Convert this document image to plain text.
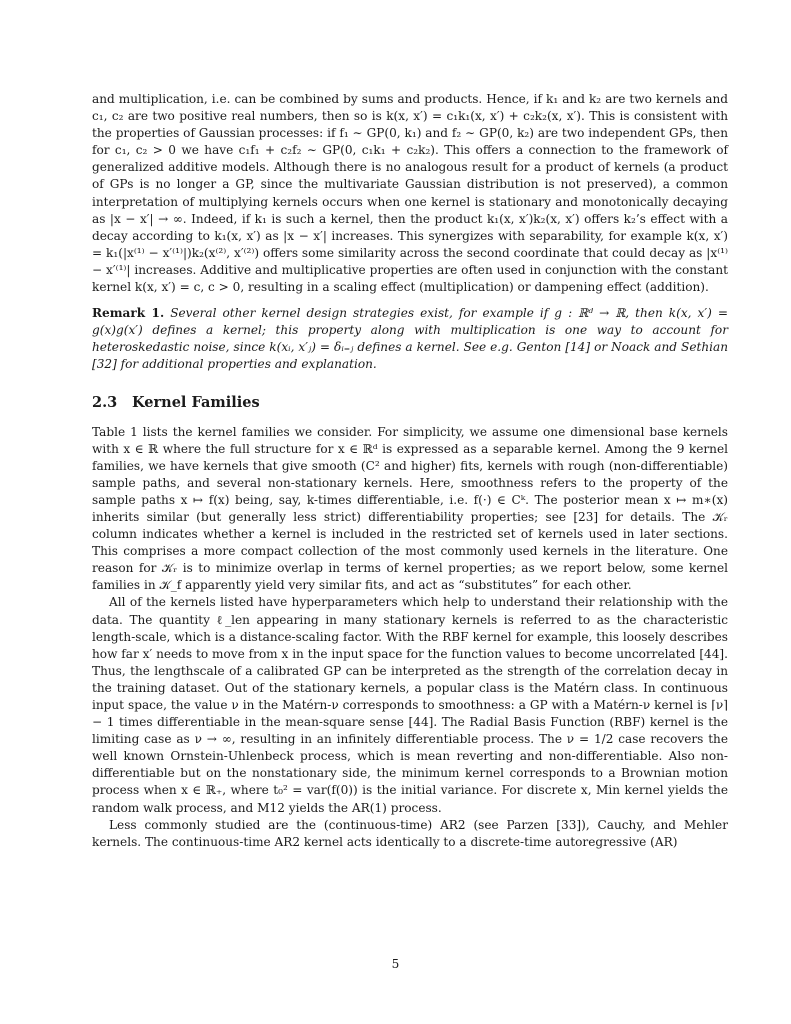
and multiplication, i.e. can be combined by sums and products. Hence, if k₁ and k₂ are two kernels and c₁, c₂ are two positive real numbers, then so is k(x, x′) = c₁k₁(x, x′) + c₂k₂(x, x′). This is consistent with the properties of Gaussian processes: if f₁ ∼ GP(0, k₁) and f₂ ∼ GP(0, k₂) are two independent GPs, then for c₁, c₂ > 0 we have c₁f₁ + c₂f₂ ∼ GP(0, c₁k₁ + c₂k₂). This offers a connection to the framework of generalized additive models. Although there is no analogous result for a product of kernels (a product of GPs is no longer a GP, since the multivariate Gaussian distribution is not preserved), a common interpretation of multiplying kernels occurs when one kernel is stationary and monotonically decaying as |x − x′| → ∞. Indeed, if k₁ is such a kernel, then the product k₁(x, x′)k₂(x, x′) offers k₂’s effect with a decay according to k₁(x, x′) as |x − x′| increases. This synergizes with separability, for example k(x, x′) = k₁(|x⁽¹⁾ − x′⁽¹⁾|)k₂(x⁽²⁾, x′⁽²⁾) offers some similarity across the second coordinate that could decay as |x⁽¹⁾ − x′⁽¹⁾| increases. Additive and multiplicative properties are often used in conjunction with the constant kernel k(x, x′) = c, c > 0, resulting in a scaling effect (multiplication) or dampening effect (addition).

Remark 1. Several other kernel design strategies exist, for example if g : ℝᵈ → ℝ, then k(x, x′) = g(x)g(x′) defines a kernel; this property along with multiplication is one way to account for heteroskedastic noise, since k(xᵢ, x′ⱼ) = δᵢ₌ⱼ defines a kernel. See e.g. Genton [14] or Noack and Sethian [32] for additional properties and explanation.

2.3 Kernel Families

Table 1 lists the kernel families we consider. For simplicity, we assume one dimensional base kernels with x ∈ ℝ where the full structure for x ∈ ℝᵈ is expressed as a separable kernel. Among the 9 kernel families, we have kernels that give smooth (C² and higher) fits, kernels with rough (non-differentiable) sample paths, and several non-stationary kernels. Here, smoothness refers to the property of the sample paths x ↦ f(x) being, say, k-times differentiable, i.e. f(·) ∈ Cᵏ. The posterior mean x ↦ m∗(x) inherits similar (but generally less strict) differentiability properties; see [23] for details. The 𝒦ᵣ column indicates whether a kernel is included in the restricted set of kernels used in later sections. This comprises a more compact collection of the most commonly used kernels in the literature. One reason for 𝒦ᵣ is to minimize overlap in terms of kernel properties; as we report below, some kernel families in 𝒦_f apparently yield very similar fits, and act as “substitutes” for each other.

All of the kernels listed have hyperparameters which help to understand their relationship with the data. The quantity ℓ_len appearing in many stationary kernels is referred to as the characteristic length-scale, which is a distance-scaling factor. With the RBF kernel for example, this loosely describes how far x′ needs to move from x in the input space for the function values to become uncorrelated [44]. Thus, the lengthscale of a calibrated GP can be interpreted as the strength of the correlation decay in the training dataset. Out of the stationary kernels, a popular class is the Matérn class. In continuous input space, the value ν in the Matérn-ν corresponds to smoothness: a GP with a Matérn-ν kernel is ⌈ν⌉ − 1 times differentiable in the mean-square sense [44]. The Radial Basis Function (RBF) kernel is the limiting case as ν → ∞, resulting in an infinitely differentiable process. The ν = 1/2 case recovers the well known Ornstein-Uhlenbeck process, which is mean reverting and non-differentiable. Also non-differentiable but on the nonstationary side, the minimum kernel corresponds to a Brownian motion process when x ∈ ℝ₊, where t₀² = var(f(0)) is the initial variance. For discrete x, Min kernel yields the random walk process, and M12 yields the AR(1) process.

Less commonly studied are the (continuous-time) AR2 (see Parzen [33]), Cauchy, and Mehler kernels. The continuous-time AR2 kernel acts identically to a discrete-time autoregressive (AR)

5
